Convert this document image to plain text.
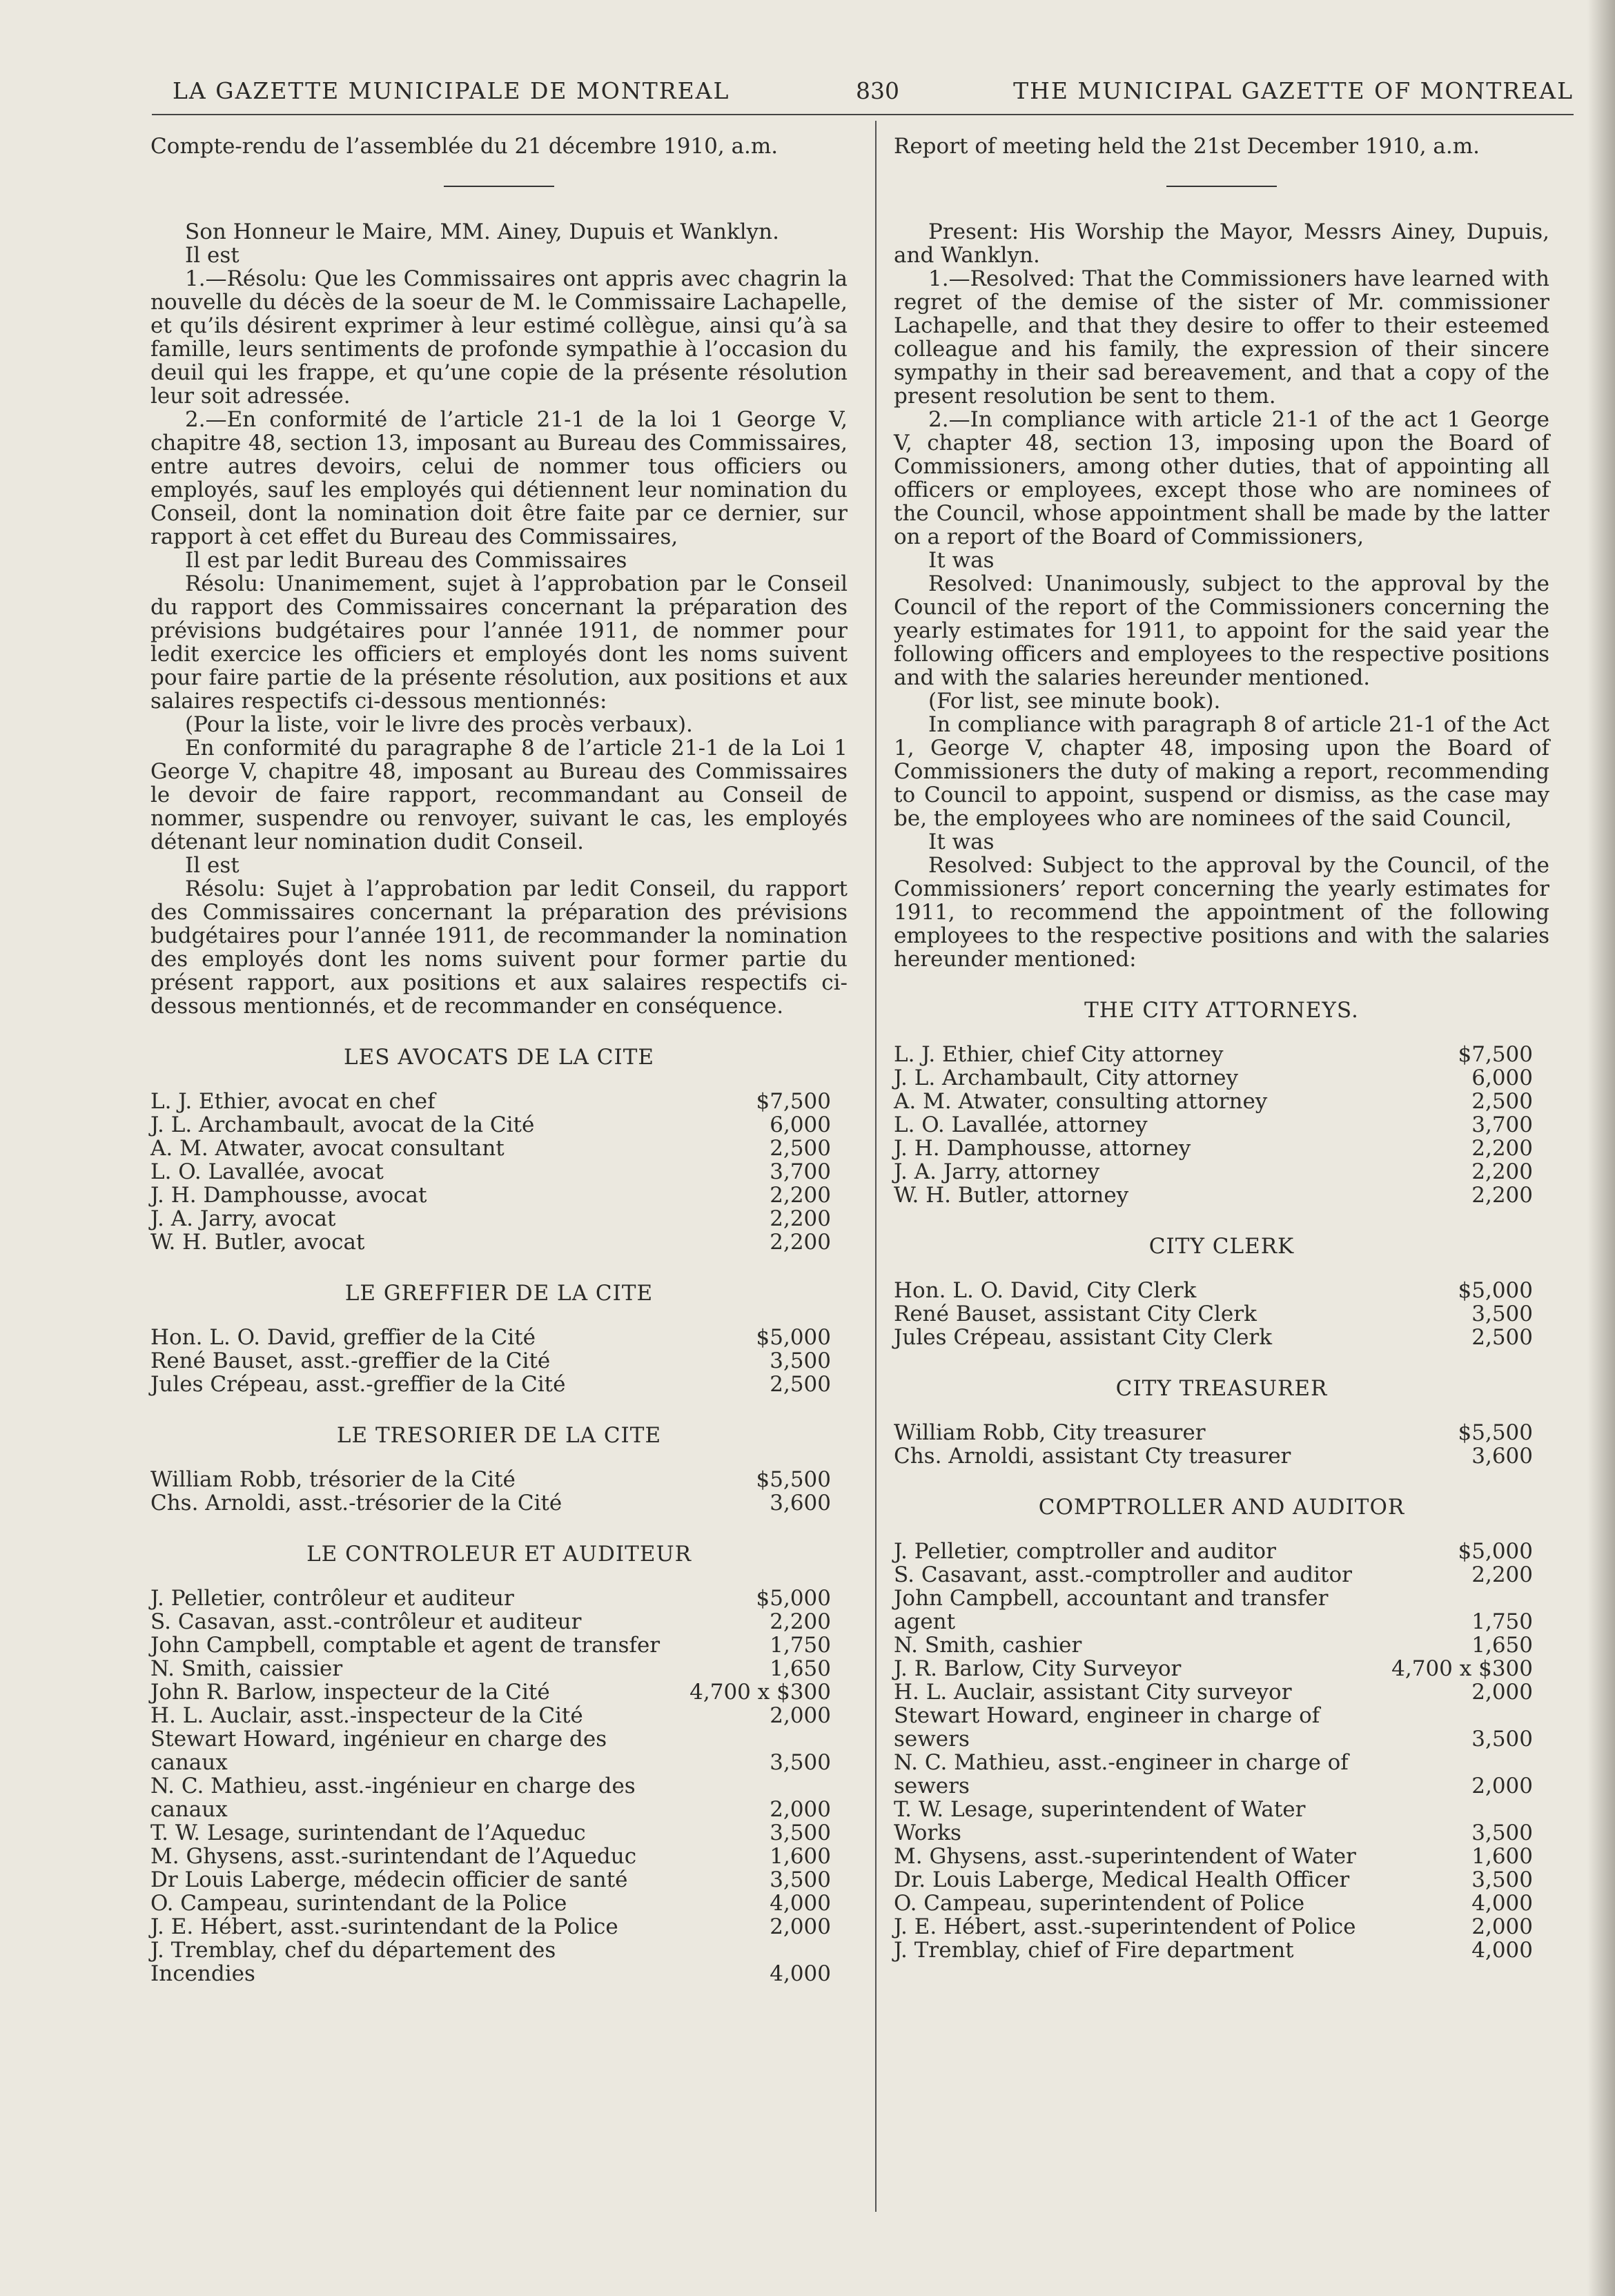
LA GAZETTE MUNICIPALE DE MONTREAL	830	THE MUNICIPAL GAZETTE OF MONTREAL

Compte-rendu de l’assemblée du 21 décembre 1910, a.m.

Son Honneur le Maire, MM. Ainey, Dupuis et Wanklyn.

Il est

1.—Résolu: Que les Commissaires ont appris avec chagrin la nouvelle du décès de la soeur de M. le Commissaire Lachapelle, et qu’ils désirent exprimer à leur estimé collègue, ainsi qu’à sa famille, leurs sentiments de profonde sympathie à l’occasion du deuil qui les frappe, et qu’une copie de la présente résolution leur soit adressée.

2.—En conformité de l’article 21-1 de la loi 1 George V, chapitre 48, section 13, imposant au Bureau des Commissaires, entre autres devoirs, celui de nommer tous officiers ou employés, sauf les employés qui détiennent leur nomination du Conseil, dont la nomination doit être faite par ce dernier, sur rapport à cet effet du Bureau des Commissaires,

Il est par ledit Bureau des Commissaires

Résolu: Unanimement, sujet à l’approbation par le Conseil du rapport des Commissaires concernant la préparation des prévisions budgétaires pour l’année 1911, de nommer pour ledit exercice les officiers et employés dont les noms suivent pour faire partie de la présente résolution, aux positions et aux salaires respectifs ci-dessous mentionnés:

(Pour la liste, voir le livre des procès verbaux).

En conformité du paragraphe 8 de l’article 21-1 de la Loi 1 George V, chapitre 48, imposant au Bureau des Commissaires le devoir de faire rapport, recommandant au Conseil de nommer, suspendre ou renvoyer, suivant le cas, les employés détenant leur nomination dudit Conseil.

Il est

Résolu: Sujet à l’approbation par ledit Conseil, du rapport des Commissaires concernant la préparation des prévisions budgétaires pour l’année 1911, de recommander la nomination des employés dont les noms suivent pour former partie du présent rapport, aux positions et aux salaires respectifs ci-dessous mentionnés, et de recommander en conséquence.

LES AVOCATS DE LA CITE
L. J. Ethier, avocat en chef	$7,500
J. L. Archambault, avocat de la Cité	6,000
A. M. Atwater, avocat consultant	2,500
L. O. Lavallée, avocat	3,700
J. H. Damphousse, avocat	2,200
J. A. Jarry, avocat	2,200
W. H. Butler, avocat	2,200
LE GREFFIER DE LA CITE
Hon. L. O. David, greffier de la Cité	$5,000
René Bauset, asst.-greffier de la Cité	3,500
Jules Crépeau, asst.-greffier de la Cité	2,500
LE TRESORIER DE LA CITE
William Robb, trésorier de la Cité	$5,500
Chs. Arnoldi, asst.-trésorier de la Cité	3,600
LE CONTROLEUR ET AUDITEUR
J. Pelletier, contrôleur et auditeur	$5,000
S. Casavan, asst.-contrôleur et auditeur	2,200
John Campbell, comptable et agent de transfer	1,750
N. Smith, caissier	1,650
John R. Barlow, inspecteur de la Cité	4,700 x $300
H. L. Auclair, asst.-inspecteur de la Cité	2,000
Stewart Howard, ingénieur en charge des canaux	3,500
N. C. Mathieu, asst.-ingénieur en charge des canaux	2,000
T. W. Lesage, surintendant de l’Aqueduc	3,500
M. Ghysens, asst.-surintendant de l’Aqueduc	1,600
Dr Louis Laberge, médecin officier de santé	3,500
O. Campeau, surintendant de la Police	4,000
J. E. Hébert, asst.-surintendant de la Police	2,000
J. Tremblay, chef du département des Incendies	4,000

Report of meeting held the 21st December 1910, a.m.

Present: His Worship the Mayor, Messrs Ainey, Dupuis, and Wanklyn.

1.—Resolved: That the Commissioners have learned with regret of the demise of the sister of Mr. commissioner Lachapelle, and that they desire to offer to their esteemed colleague and his family, the expression of their sincere sympathy in their sad bereavement, and that a copy of the present resolution be sent to them.

2.—In compliance with article 21-1 of the act 1 George V, chapter 48, section 13, imposing upon the Board of Commissioners, among other duties, that of appointing all officers or employees, except those who are nominees of the Council, whose appointment shall be made by the latter on a report of the Board of Commissioners,

It was

Resolved: Unanimously, subject to the approval by the Council of the report of the Commissioners concerning the yearly estimates for 1911, to appoint for the said year the following officers and employees to the respective positions and with the salaries hereunder mentioned.

(For list, see minute book).

In compliance with paragraph 8 of article 21-1 of the Act 1, George V, chapter 48, imposing upon the Board of Commissioners the duty of making a report, recommending to Council to appoint, suspend or dismiss, as the case may be, the employees who are nominees of the said Council,

It was

Resolved: Subject to the approval by the Council, of the Commissioners’ report concerning the yearly estimates for 1911, to recommend the appointment of the following employees to the respective positions and with the salaries hereunder mentioned:

THE CITY ATTORNEYS.
L. J. Ethier, chief City attorney	$7,500
J. L. Archambault, City attorney	6,000
A. M. Atwater, consulting attorney	2,500
L. O. Lavallée, attorney	3,700
J. H. Damphousse, attorney	2,200
J. A. Jarry, attorney	2,200
W. H. Butler, attorney	2,200
CITY CLERK
Hon. L. O. David, City Clerk	$5,000
René Bauset, assistant City Clerk	3,500
Jules Crépeau, assistant City Clerk	2,500
CITY TREASURER
William Robb, City treasurer	$5,500
Chs. Arnoldi, assistant Cty treasurer	3,600
COMPTROLLER AND AUDITOR
J. Pelletier, comptroller and auditor	$5,000
S. Casavant, asst.-comptroller and auditor	2,200
John Campbell, accountant and transfer agent	1,750
N. Smith, cashier	1,650
J. R. Barlow, City Surveyor	4,700 x $300
H. L. Auclair, assistant City surveyor	2,000
Stewart Howard, engineer in charge of sewers	3,500
N. C. Mathieu, asst.-engineer in charge of sewers	2,000
T. W. Lesage, superintendent of Water Works	3,500
M. Ghysens, asst.-superintendent of Water	1,600
Dr. Louis Laberge, Medical Health Officer	3,500
O. Campeau, superintendent of Police	4,000
J. E. Hébert, asst.-superintendent of Police	2,000
J. Tremblay, chief of Fire department	4,000
